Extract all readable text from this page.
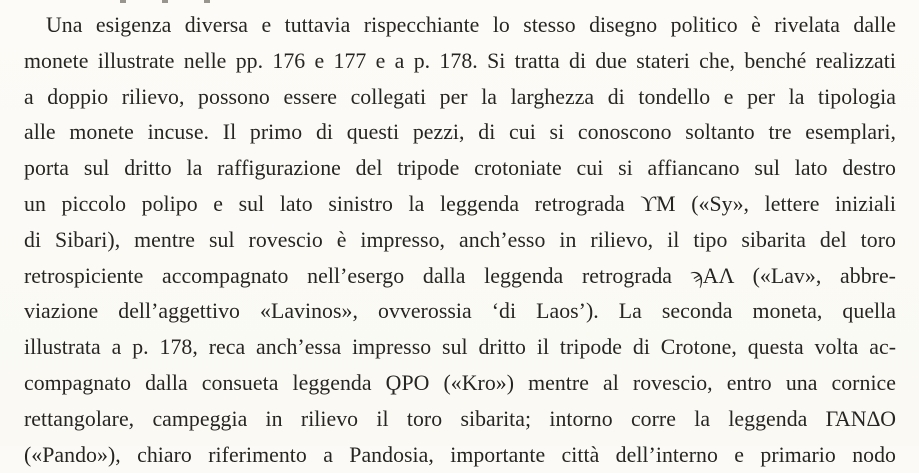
Una esigenza diversa e tuttavia rispecchiante lo stesso disegno politico è rivelata dalle
monete illustrate nelle pp. 176 e 177 e a p. 178. Si tratta di due stateri che, benché realizzati
a doppio rilievo, possono essere collegati per la larghezza di tondello e per la tipologia
alle monete incuse. Il primo di questi pezzi, di cui si conoscono soltanto tre esemplari,
porta sul dritto la raffigurazione del tripode crotoniate cui si affiancano sul lato destro
un piccolo polipo e sul lato sinistro la leggenda retrograda ϒΜ («Sy», lettere iniziali
di Sibari), mentre sul rovescio è impresso, anch’esso in rilievo, il tipo sibarita del toro
retrospiciente accompagnato nell’esergo dalla leggenda retrograda ϡΑΛ («Lav», abbre-
viazione dell’aggettivo «Lavinos», ovverossia ‘di Laos’). La seconda moneta, quella
illustrata a p. 178, reca anch’essa impresso sul dritto il tripode di Crotone, questa volta ac-
compagnato dalla consueta leggenda ϘΡΟ («Kro») mentre al rovescio, entro una cornice
rettangolare, campeggia in rilievo il toro sibarita; intorno corre la leggenda ΓΑΝΔΟ
(«Pando»), chiaro riferimento a Pandosia, importante città dell’interno e primario nodo
